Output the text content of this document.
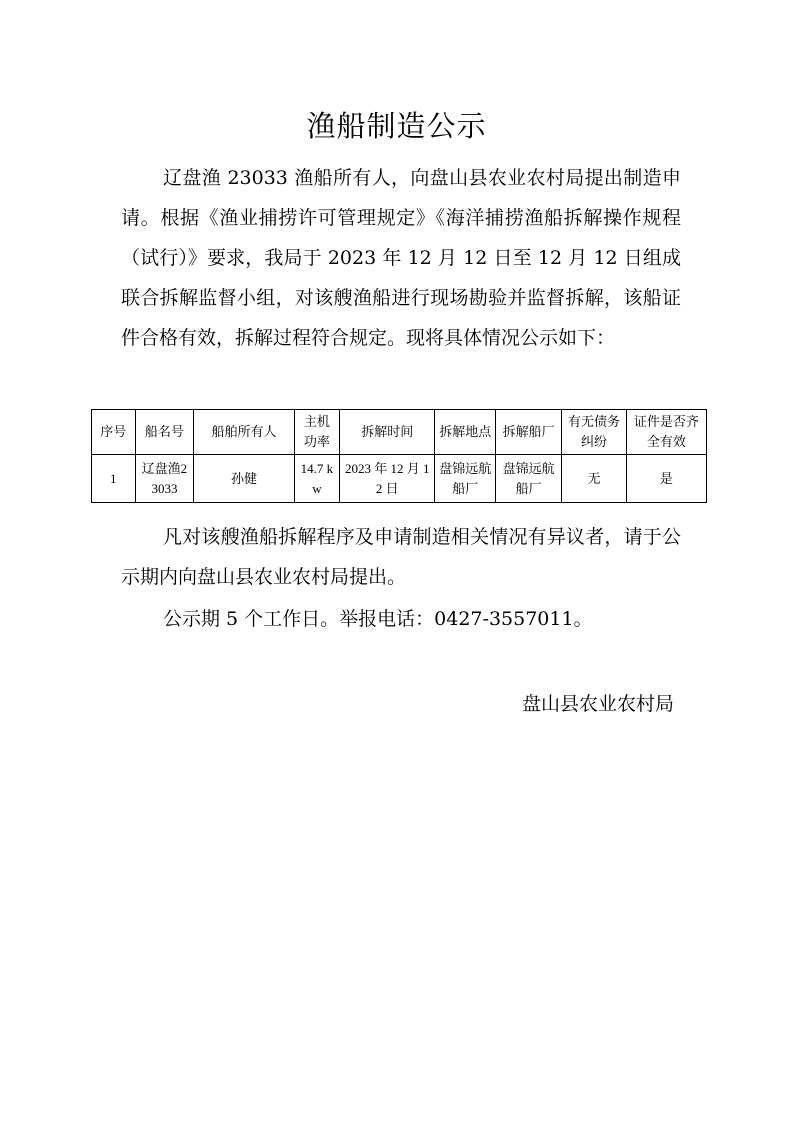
渔船制造公示
辽盘渔 23033 渔船所有人，向盘山县农业农村局提出制造申请。根据《渔业捕捞许可管理规定》《海洋捕捞渔船拆解操作规程（试行）》要求，我局于 2023 年 12 月 12 日至 12 月 12 日组成联合拆解监督小组，对该艘渔船进行现场勘验并监督拆解，该船证件合格有效，拆解过程符合规定。现将具体情况公示如下：
序号	船名号	船舶所有人	主机功率	拆解时间	拆解地点	拆解船厂	有无债务纠纷	证件是否齐全有效
1	辽盘渔23033	孙健	14.7 kw	2023 年 12 月 12 日	盘锦远航船厂	盘锦远航船厂	无	是
凡对该艘渔船拆解程序及申请制造相关情况有异议者，请于公示期内向盘山县农业农村局提出。
公示期 5 个工作日。举报电话：0427-3557011。
盘山县农业农村局
